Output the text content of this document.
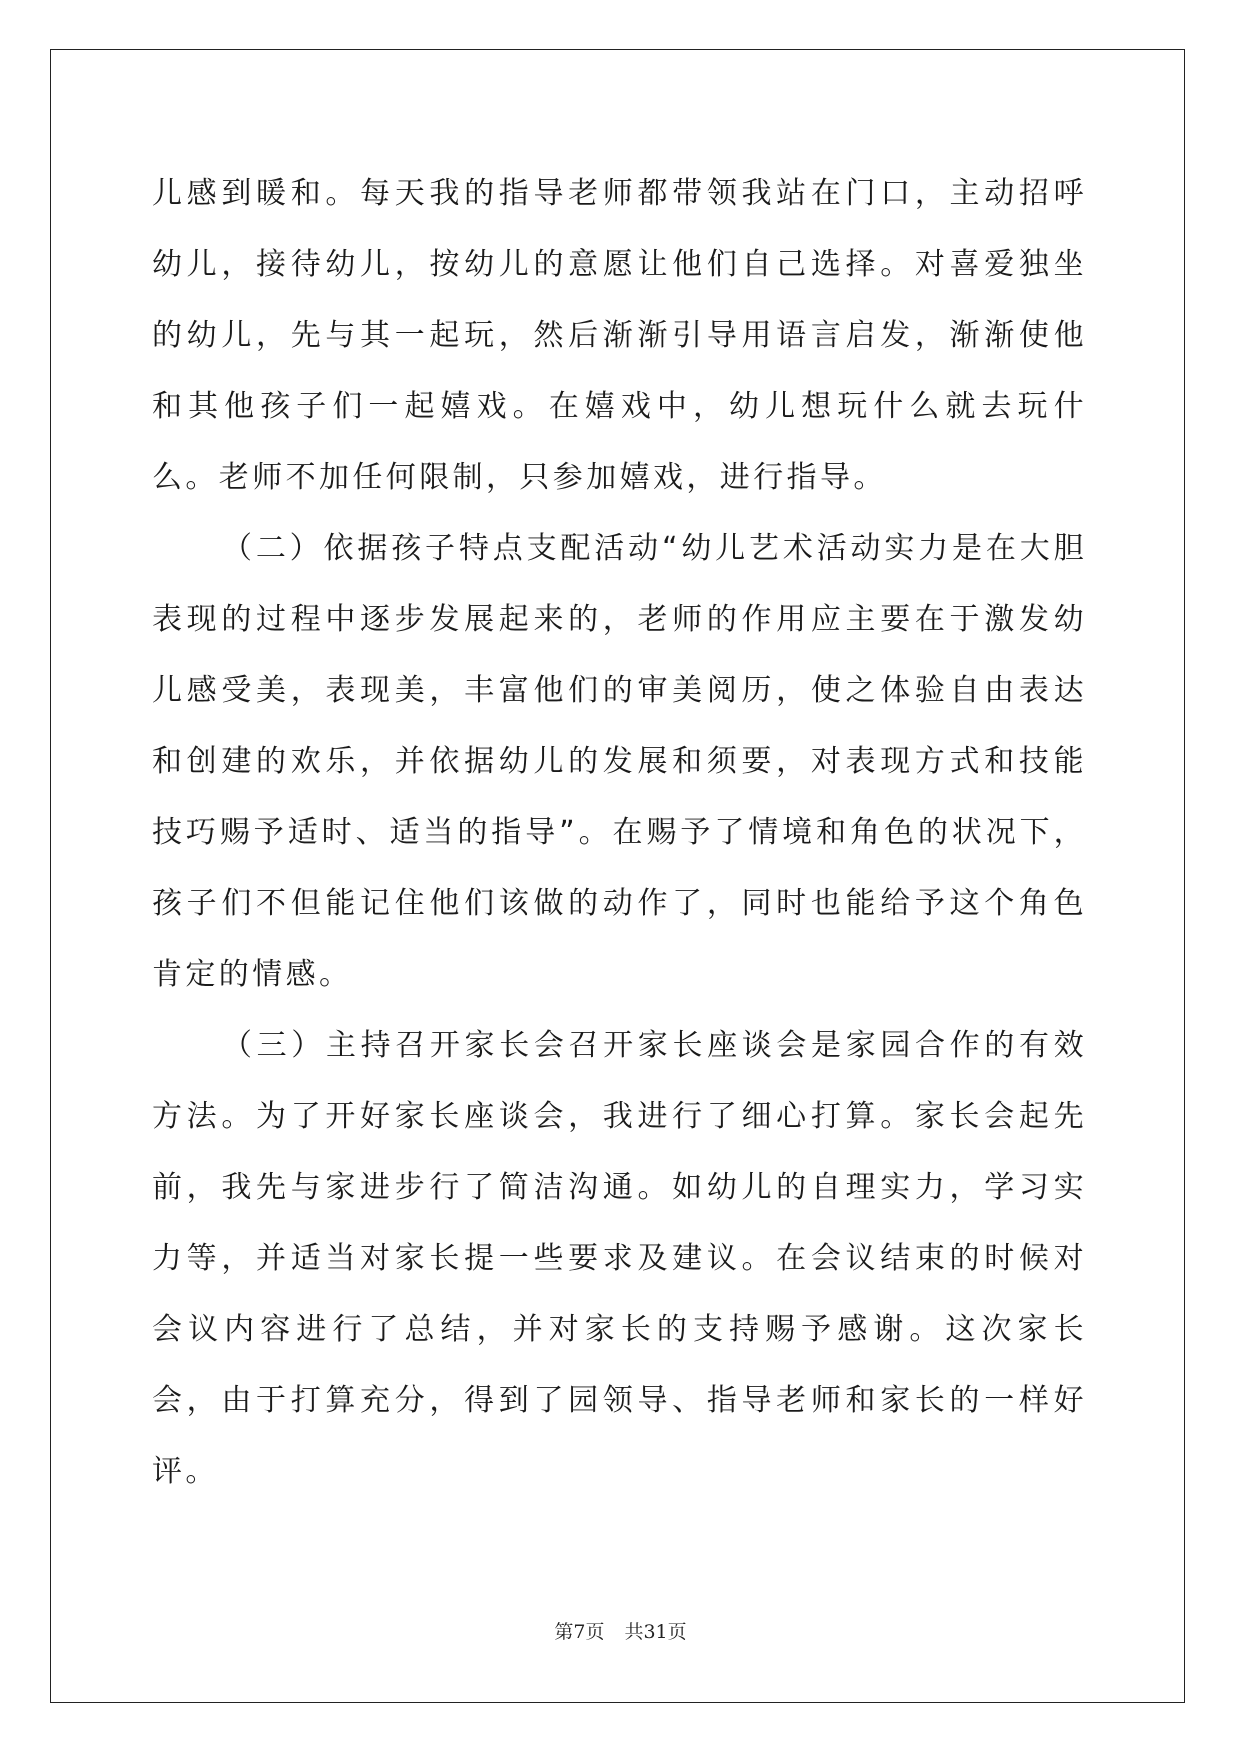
儿感到暖和。每天我的指导老师都带领我站在门口，主动招呼幼儿，接待幼儿，按幼儿的意愿让他们自己选择。对喜爱独坐的幼儿，先与其一起玩，然后渐渐引导用语言启发，渐渐使他和其他孩子们一起嬉戏。在嬉戏中，幼儿想玩什么就去玩什么。老师不加任何限制，只参加嬉戏，进行指导。

（二）依据孩子特点支配活动“幼儿艺术活动实力是在大胆表现的过程中逐步发展起来的，老师的作用应主要在于激发幼儿感受美，表现美，丰富他们的审美阅历，使之体验自由表达和创建的欢乐，并依据幼儿的发展和须要，对表现方式和技能技巧赐予适时、适当的指导”。在赐予了情境和角色的状况下，孩子们不但能记住他们该做的动作了，同时也能给予这个角色肯定的情感。

（三）主持召开家长会召开家长座谈会是家园合作的有效方法。为了开好家长座谈会，我进行了细心打算。家长会起先前，我先与家进步行了简洁沟通。如幼儿的自理实力，学习实力等，并适当对家长提一些要求及建议。在会议结束的时候对会议内容进行了总结，并对家长的支持赐予感谢。这次家长会，由于打算充分，得到了园领导、指导老师和家长的一样好评。

第7页 共31页
